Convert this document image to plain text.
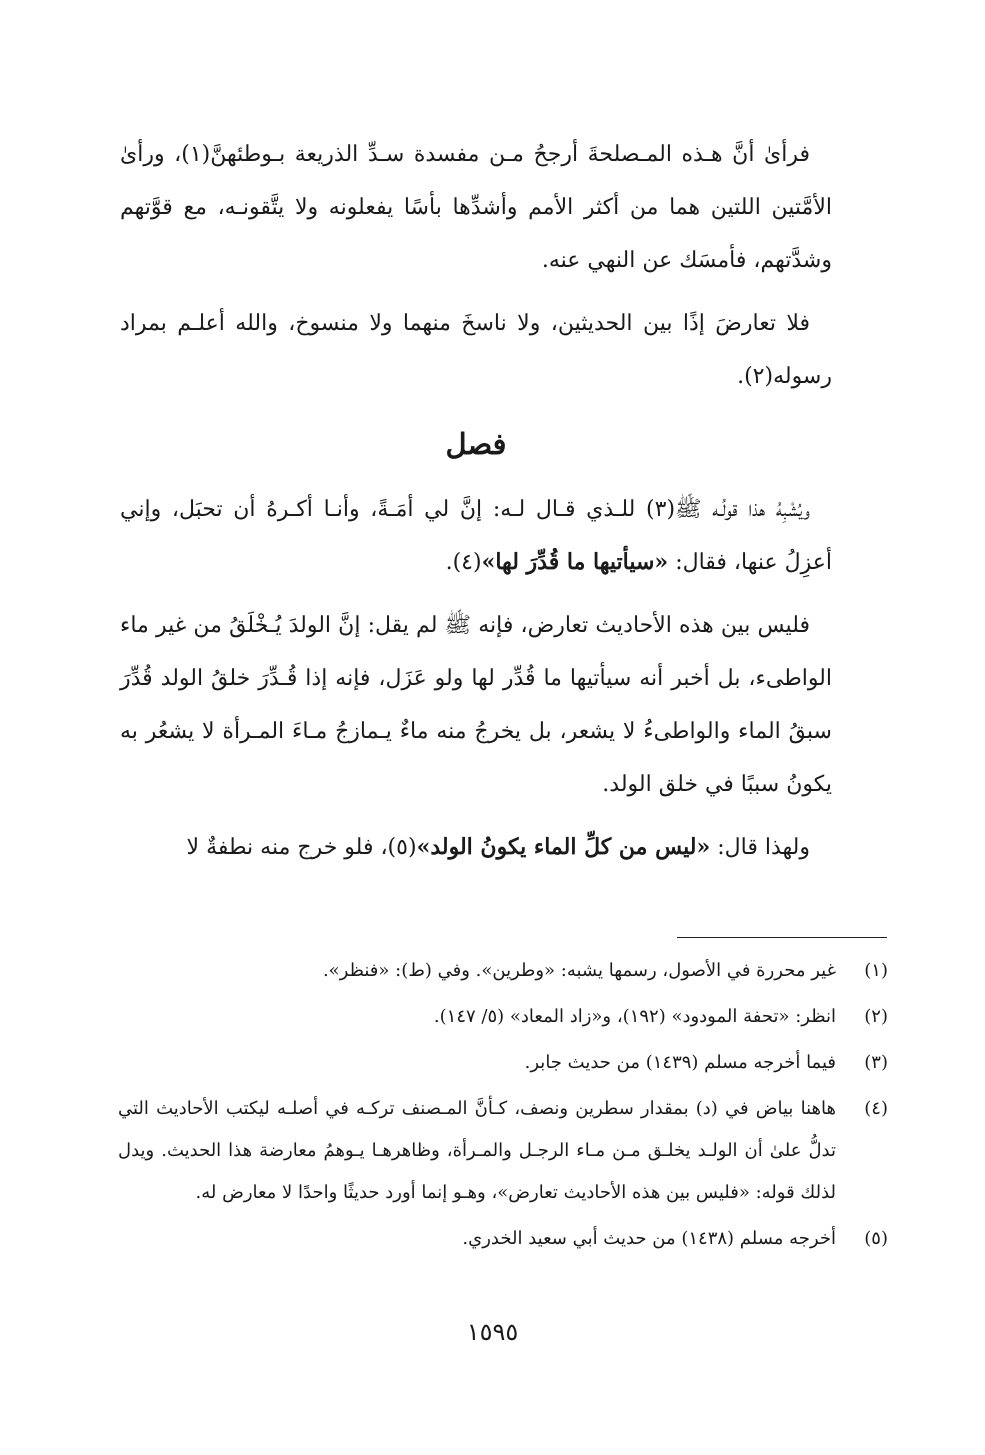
فرأىٰ أنَّ هـذه المـصلحةَ أرجحُ مـن مفسدة سـدِّ الذريعة بـوطئهنَّ(١)، ورأىٰ الأمَّتين اللتين هما من أكثر الأمم وأشدِّها بأسًا يفعلونه ولا يتَّقونـه، مع قوَّتهم وشدَّتهم، فأمسَك عن النهي عنه.

فلا تعارضَ إذًا بين الحديثين، ولا ناسخَ منهما ولا منسوخ، والله أعلـم بمراد رسوله(٢).

فصل

ويُشْبِهُ هذا قولُـه ﷺ(٣) للـذي قـال لـه: إنَّ لي أمَـةً، وأنـا أكـرهُ أن تحبَل، وإني أعزِلُ عنها، فقال: «سيأتيها ما قُدِّرَ لها»(٤).

فليس بين هذه الأحاديث تعارض، فإنه ﷺ لم يقل: إنَّ الولدَ يُـخْلَقُ من غير ماء الواطىء، بل أخبر أنه سيأتيها ما قُدِّر لها ولو عَزَل، فإنه إذا قُـدِّرَ خلقُ الولد قُدِّرَ سبقُ الماء والواطىءُ لا يشعر، بل يخرجُ منه ماءٌ يـمازجُ مـاءَ المـرأة لا يشعُر به يكونُ سببًا في خلق الولد.

ولهذا قال: «ليس من كلِّ الماء يكونُ الولد»(٥)، فلو خرج منه نطفةٌ لا

(١)
غير محررة في الأصول، رسمها يشبه: «وطرين». وفي (ط): «فنظر».
(٢)
انظر: «تحفة المودود» (١٩٢)، و«زاد المعاد» (٥/ ١٤٧).
(٣)
فيما أخرجه مسلم (١٤٣٩) من حديث جابر.
(٤)
هاهنا بياض في (د) بمقدار سطرين ونصف، كـأنَّ المـصنف تركـه في أصلـه ليكتب الأحاديث التي تدلُّ علىٰ أن الولـد يخلـق مـن مـاء الرجـل والمـرأة، وظاهرهـا يـوهمُ معارضة هذا الحديث. ويدل لذلك قوله: «فليس بين هذه الأحاديث تعارض»، وهـو إنما أورد حديثًا واحدًا لا معارض له.
(٥)
أخرجه مسلم (١٤٣٨) من حديث أبي سعيد الخدري.
١٥٩٥
